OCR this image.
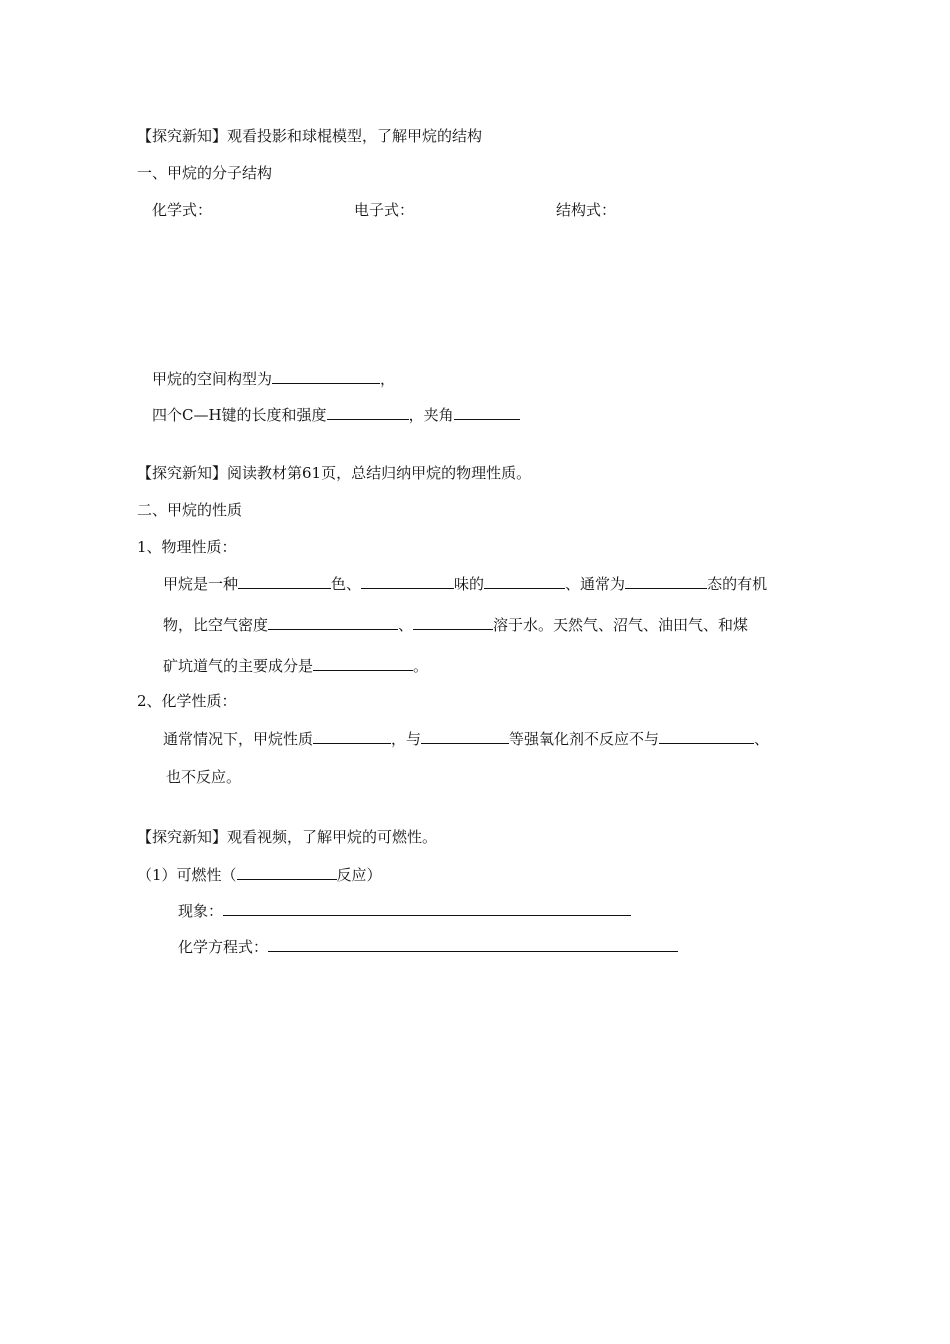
【探究新知】观看投影和球棍模型，了解甲烷的结构
一、甲烷的分子结构
化学式：	电子式：	结构式：
甲烷的空间构型为	，
四个C—H键的长度和强度	，夹角
【探究新知】阅读教材第61页，总结归纳甲烷的物理性质。
二、甲烷的性质
1、物理性质：
甲烷是一种	色、	味的	、通常为	态的有机
物，比空气密度	、	溶于水。天然气、沼气、油田气、和煤
矿坑道气的主要成分是	。
2、化学性质：
通常情况下，甲烷性质	，与	等强氧化剂不反应不与	、
也不反应。
【探究新知】观看视频，了解甲烷的可燃性。
（1）可燃性（	反应）
现象：
化学方程式：
